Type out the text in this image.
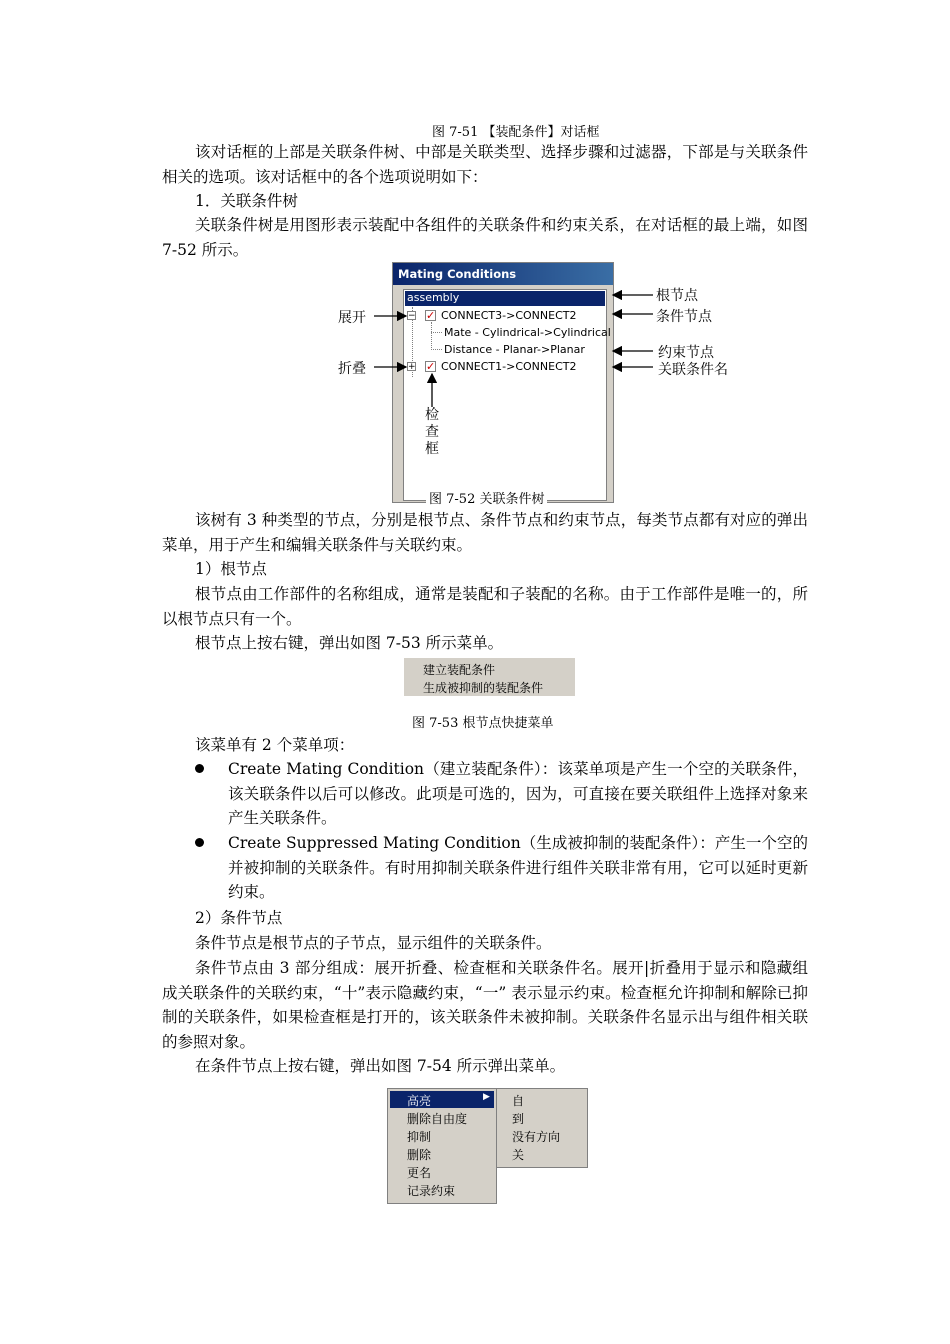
图 7-51 【装配条件】对话框

该对话框的上部是关联条件树、中部是关联类型、选择步骤和过滤器，下部是与关联条件相关的选项。该对话框中的各个选项说明如下：

1．关联条件树

关联条件树是用图形表示装配中各组件的关联条件和约束关系，在对话框的最上端，如图 7-52 所示。

Mating Conditions
assembly
− ✓ CONNECT3->CONNECT2
Mate - Cylindrical->Cylindrical
Distance - Planar->Planar
+ ✓ CONNECT1->CONNECT2
图 7-52 关联条件树
展开
折叠
根节点
条件节点
约束节点
关联条件名
检
查
框

该树有 3 种类型的节点，分别是根节点、条件节点和约束节点，每类节点都有对应的弹出菜单，用于产生和编辑关联条件与关联约束。

1）根节点

根节点由工作部件的名称组成，通常是装配和子装配的名称。由于工作部件是唯一的，所以根节点只有一个。

根节点上按右键，弹出如图 7-53 所示菜单。
建立装配条件
生成被抑制的装配条件
图 7-53 根节点快捷菜单
该菜单有 2 个菜单项：

Create Mating Condition（建立装配条件）：该菜单项是产生一个空的关联条件，该关联条件以后可以修改。此项是可选的，因为，可直接在要关联组件上选择对象来产生关联条件。

Create Suppressed Mating Condition（生成被抑制的装配条件）：产生一个空的并被抑制的关联条件。有时用抑制关联条件进行组件关联非常有用，它可以延时更新约束。

2）条件节点
条件节点是根节点的子节点，显示组件的关联条件。

条件节点由 3 部分组成：展开折叠、检查框和关联条件名。展开|折叠用于显示和隐藏组成关联条件的关联约束，“十”表示隐藏约束，“一” 表示显示约束。检查框允许抑制和解除已抑制的关联条件，如果检查框是打开的，该关联条件未被抑制。关联条件名显示出与组件相关联的参照对象。

在条件节点上按右键，弹出如图 7-54 所示弹出菜单。
自
到
没有方向
关
高亮	▶
删除自由度
抑制
删除
更名
记录约束
